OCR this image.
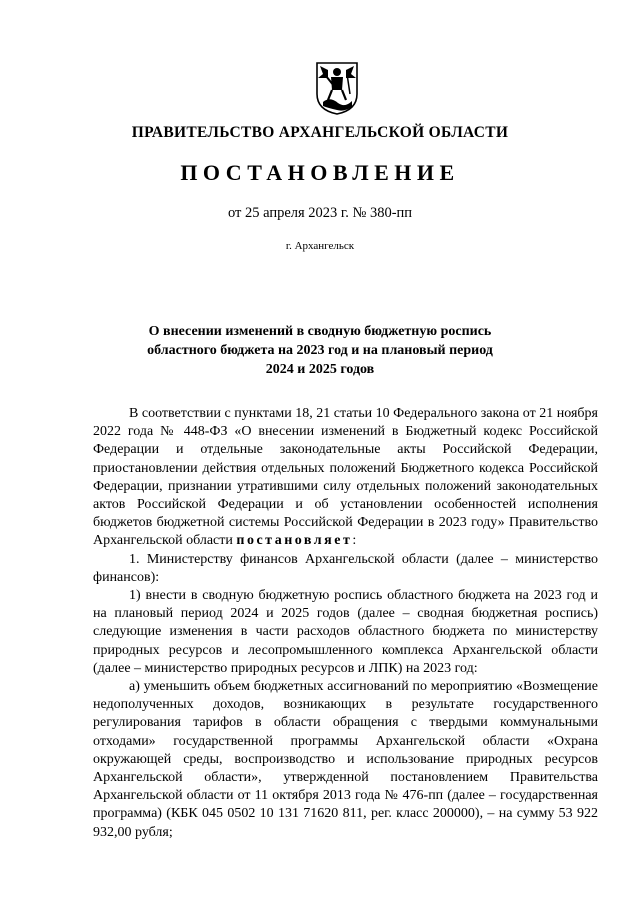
ПРАВИТЕЛЬСТВО АРХАНГЕЛЬСКОЙ ОБЛАСТИ
ПОСТАНОВЛЕНИЕ
от 25 апреля 2023 г. № 380-пп
г. Архангельск
О внесении изменений в сводную бюджетную роспись
областного бюджета на 2023 год и на плановый период
2024 и 2025 годов

В соответствии с пунктами 18, 21 статьи 10 Федерального закона от 21 ноября 2022 года № 448-ФЗ «О внесении изменений в Бюджетный кодекс Российской Федерации и отдельные законодательные акты Российской Федерации, приостановлении действия отдельных положений Бюджетного кодекса Российской Федерации, признании утратившими силу отдельных положений законодательных актов Российской Федерации и об установлении особенностей исполнения бюджетов бюджетной системы Российской Федерации в 2023 году» Правительство Архангельской области постановляет:

1. Министерству финансов Архангельской области (далее – министерство финансов):

1) внести в сводную бюджетную роспись областного бюджета на 2023 год и на плановый период 2024 и 2025 годов (далее – сводная бюджетная роспись) следующие изменения в части расходов областного бюджета по министерству природных ресурсов и лесопромышленного комплекса Архангельской области (далее – министерство природных ресурсов и ЛПК) на 2023 год:

а) уменьшить объем бюджетных ассигнований по мероприятию «Возмещение недополученных доходов, возникающих в результате государственного регулирования тарифов в области обращения с твердыми коммунальными отходами» государственной программы Архангельской области «Охрана окружающей среды, воспроизводство и использование природных ресурсов Архангельской области», утвержденной постановлением Правительства Архангельской области от 11 октября 2013 года № 476-пп (далее – государственная программа) (КБК 045 0502 10 131 71620 811, рег. класс 200000), – на сумму 53 922 932,00 рубля;
